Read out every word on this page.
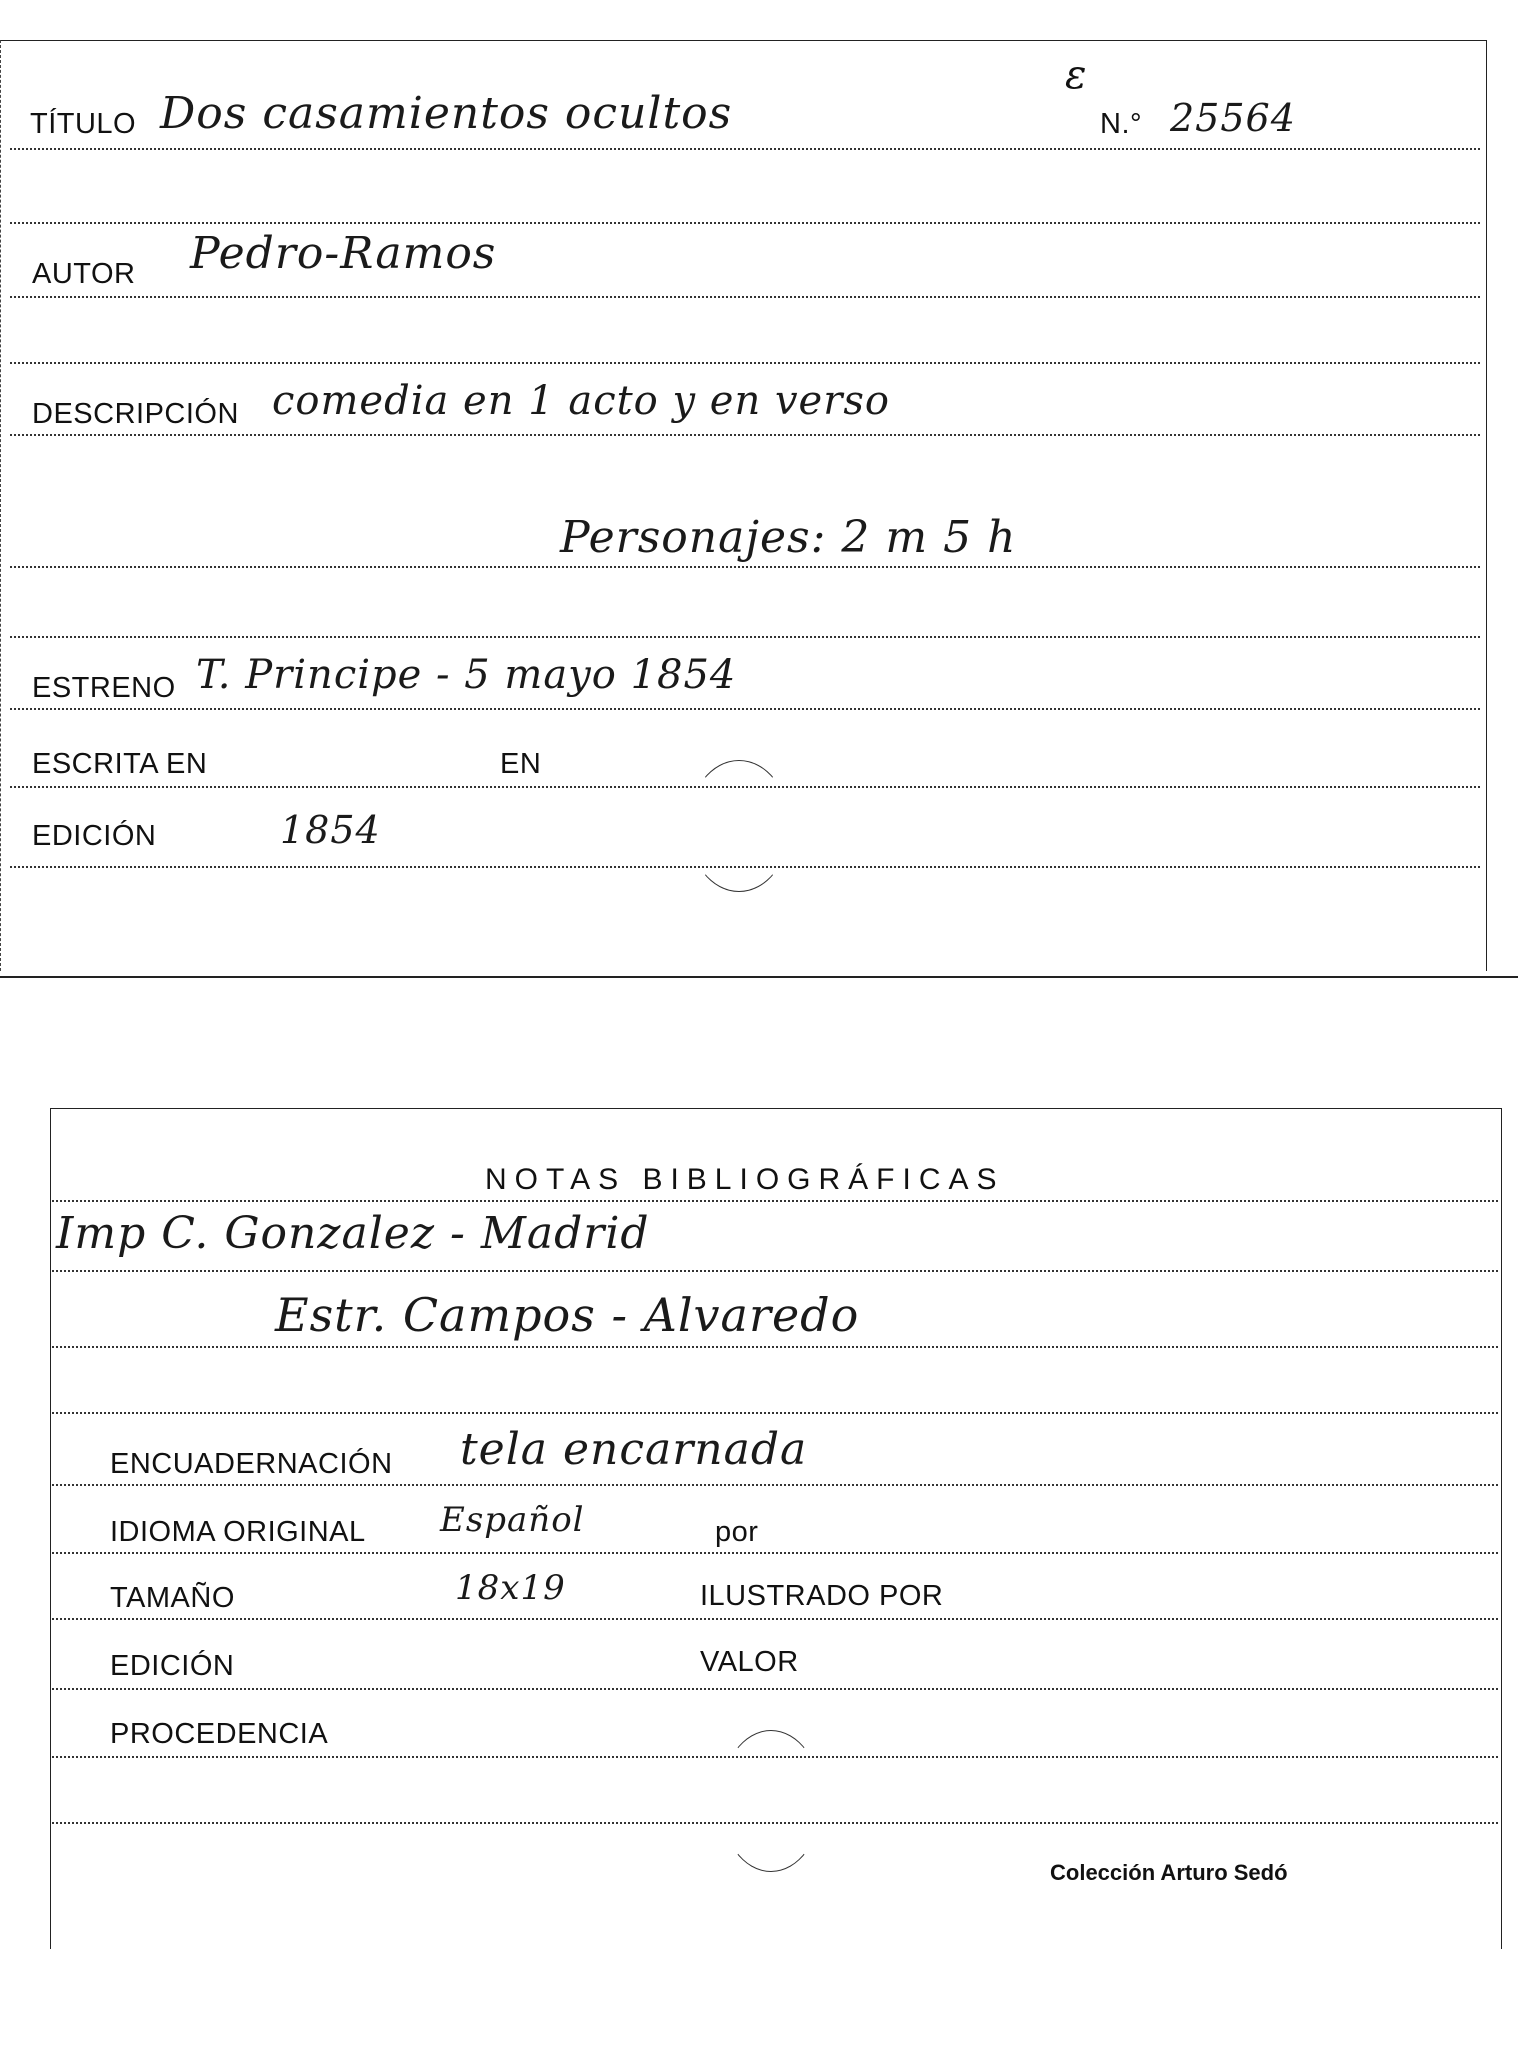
ε
TÍTULO Dos casamientos ocultos	N.° 25564
AUTOR Pedro-Ramos
DESCRIPCIÓN comedia en 1 acto y en verso
Personajes: 2 m 5 h
ESTRENO T. Principe - 5 mayo 1854
ESCRITA EN	EN
EDICIÓN	1854
NOTAS BIBLIOGRÁFICAS
Imp C. Gonzalez - Madrid
Estr. Campos - Alvaredo
ENCUADERNACIÓN tela encarnada
IDIOMA ORIGINAL Español	por
TAMAÑO	18x19	ILUSTRADO POR
EDICIÓN	VALOR
PROCEDENCIA
Colección Arturo Sedó
